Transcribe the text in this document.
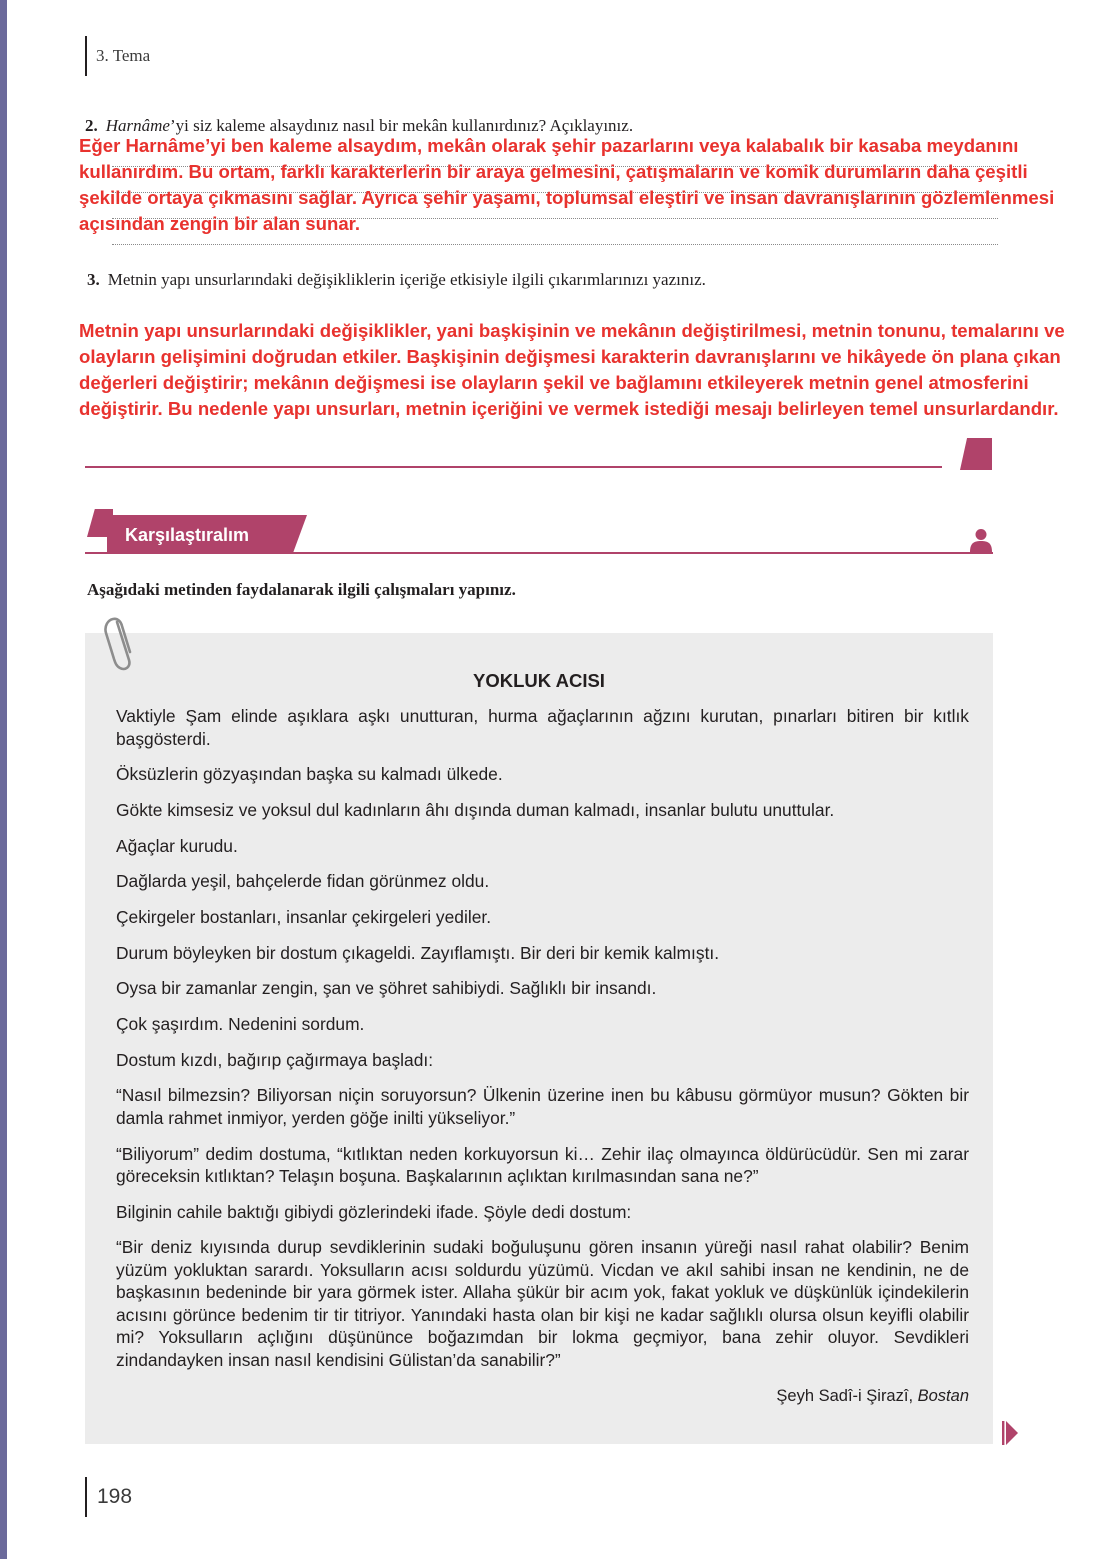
3. Tema
2. Harnâme’yi siz kaleme alsaydınız nasıl bir mekân kullanırdınız? Açıklayınız.

Eğer Harnâme’yi ben kaleme alsaydım, mekân olarak şehir pazarlarını veya kalabalık bir kasaba meydanını kullanırdım. Bu ortam, farklı karakterlerin bir araya gelmesini, çatışmaların ve komik durumların daha çeşitli şekilde ortaya çıkmasını sağlar. Ayrıca şehir yaşamı, toplumsal eleştiri ve insan davranışlarının gözlemlenmesi açısından zengin bir alan sunar.

3. Metnin yapı unsurlarındaki değişikliklerin içeriğe etkisiyle ilgili çıkarımlarınızı yazınız.

Metnin yapı unsurlarındaki değişiklikler, yani başkişinin ve mekânın değiştirilmesi, metnin tonunu, temalarını ve olayların gelişimini doğrudan etkiler. Başkişinin değişmesi karakterin davranışlarını ve hikâyede ön plana çıkan değerleri değiştirir; mekânın değişmesi ise olayların şekil ve bağlamını etkileyerek metnin genel atmosferini değiştirir. Bu nedenle yapı unsurları, metnin içeriğini ve vermek istediği mesajı belirleyen temel unsurlardandır.

Karşılaştıralım
Aşağıdaki metinden faydalanarak ilgili çalışmaları yapınız.
YOKLUK ACISI

Vaktiyle Şam elinde aşıklara aşkı unutturan, hurma ağaçlarının ağzını kurutan, pınarları bitiren bir kıtlık başgösterdi.

Öksüzlerin gözyaşından başka su kalmadı ülkede.

Gökte kimsesiz ve yoksul dul kadınların âhı dışında duman kalmadı, insanlar bulutu unuttular.

Ağaçlar kurudu.

Dağlarda yeşil, bahçelerde fidan görünmez oldu.

Çekirgeler bostanları, insanlar çekirgeleri yediler.

Durum böyleyken bir dostum çıkageldi. Zayıflamıştı. Bir deri bir kemik kalmıştı.

Oysa bir zamanlar zengin, şan ve şöhret sahibiydi. Sağlıklı bir insandı.

Çok şaşırdım. Nedenini sordum.

Dostum kızdı, bağırıp çağırmaya başladı:

“Nasıl bilmezsin? Biliyorsan niçin soruyorsun? Ülkenin üzerine inen bu kâbusu görmüyor musun? Gökten bir damla rahmet inmiyor, yerden göğe inilti yükseliyor.”

“Biliyorum” dedim dostuma, “kıtlıktan neden korkuyorsun ki… Zehir ilaç olmayınca öldürücüdür. Sen mi zarar göreceksin kıtlıktan? Telaşın boşuna. Başkalarının açlıktan kırılmasından sana ne?”

Bilginin cahile baktığı gibiydi gözlerindeki ifade. Şöyle dedi dostum:

“Bir deniz kıyısında durup sevdiklerinin sudaki boğuluşunu gören insanın yüreği nasıl rahat olabilir? Benim yüzüm yokluktan sarardı. Yoksulların acısı soldurdu yüzümü. Vicdan ve akıl sahibi insan ne kendinin, ne de başkasının bedeninde bir yara görmek ister. Allaha şükür bir acım yok, fakat yokluk ve düşkünlük içindekilerin acısını görünce bedenim tir tir titriyor. Yanındaki hasta olan bir kişi ne kadar sağlıklı olursa olsun keyifli olabilir mi? Yoksulların açlığını düşününce boğazımdan bir lokma geçmiyor, bana zehir oluyor. Sevdikleri zindandayken insan nasıl kendisini Gülistan’da sanabilir?”

Şeyh Sadî-i Şirazî, Bostan

198
